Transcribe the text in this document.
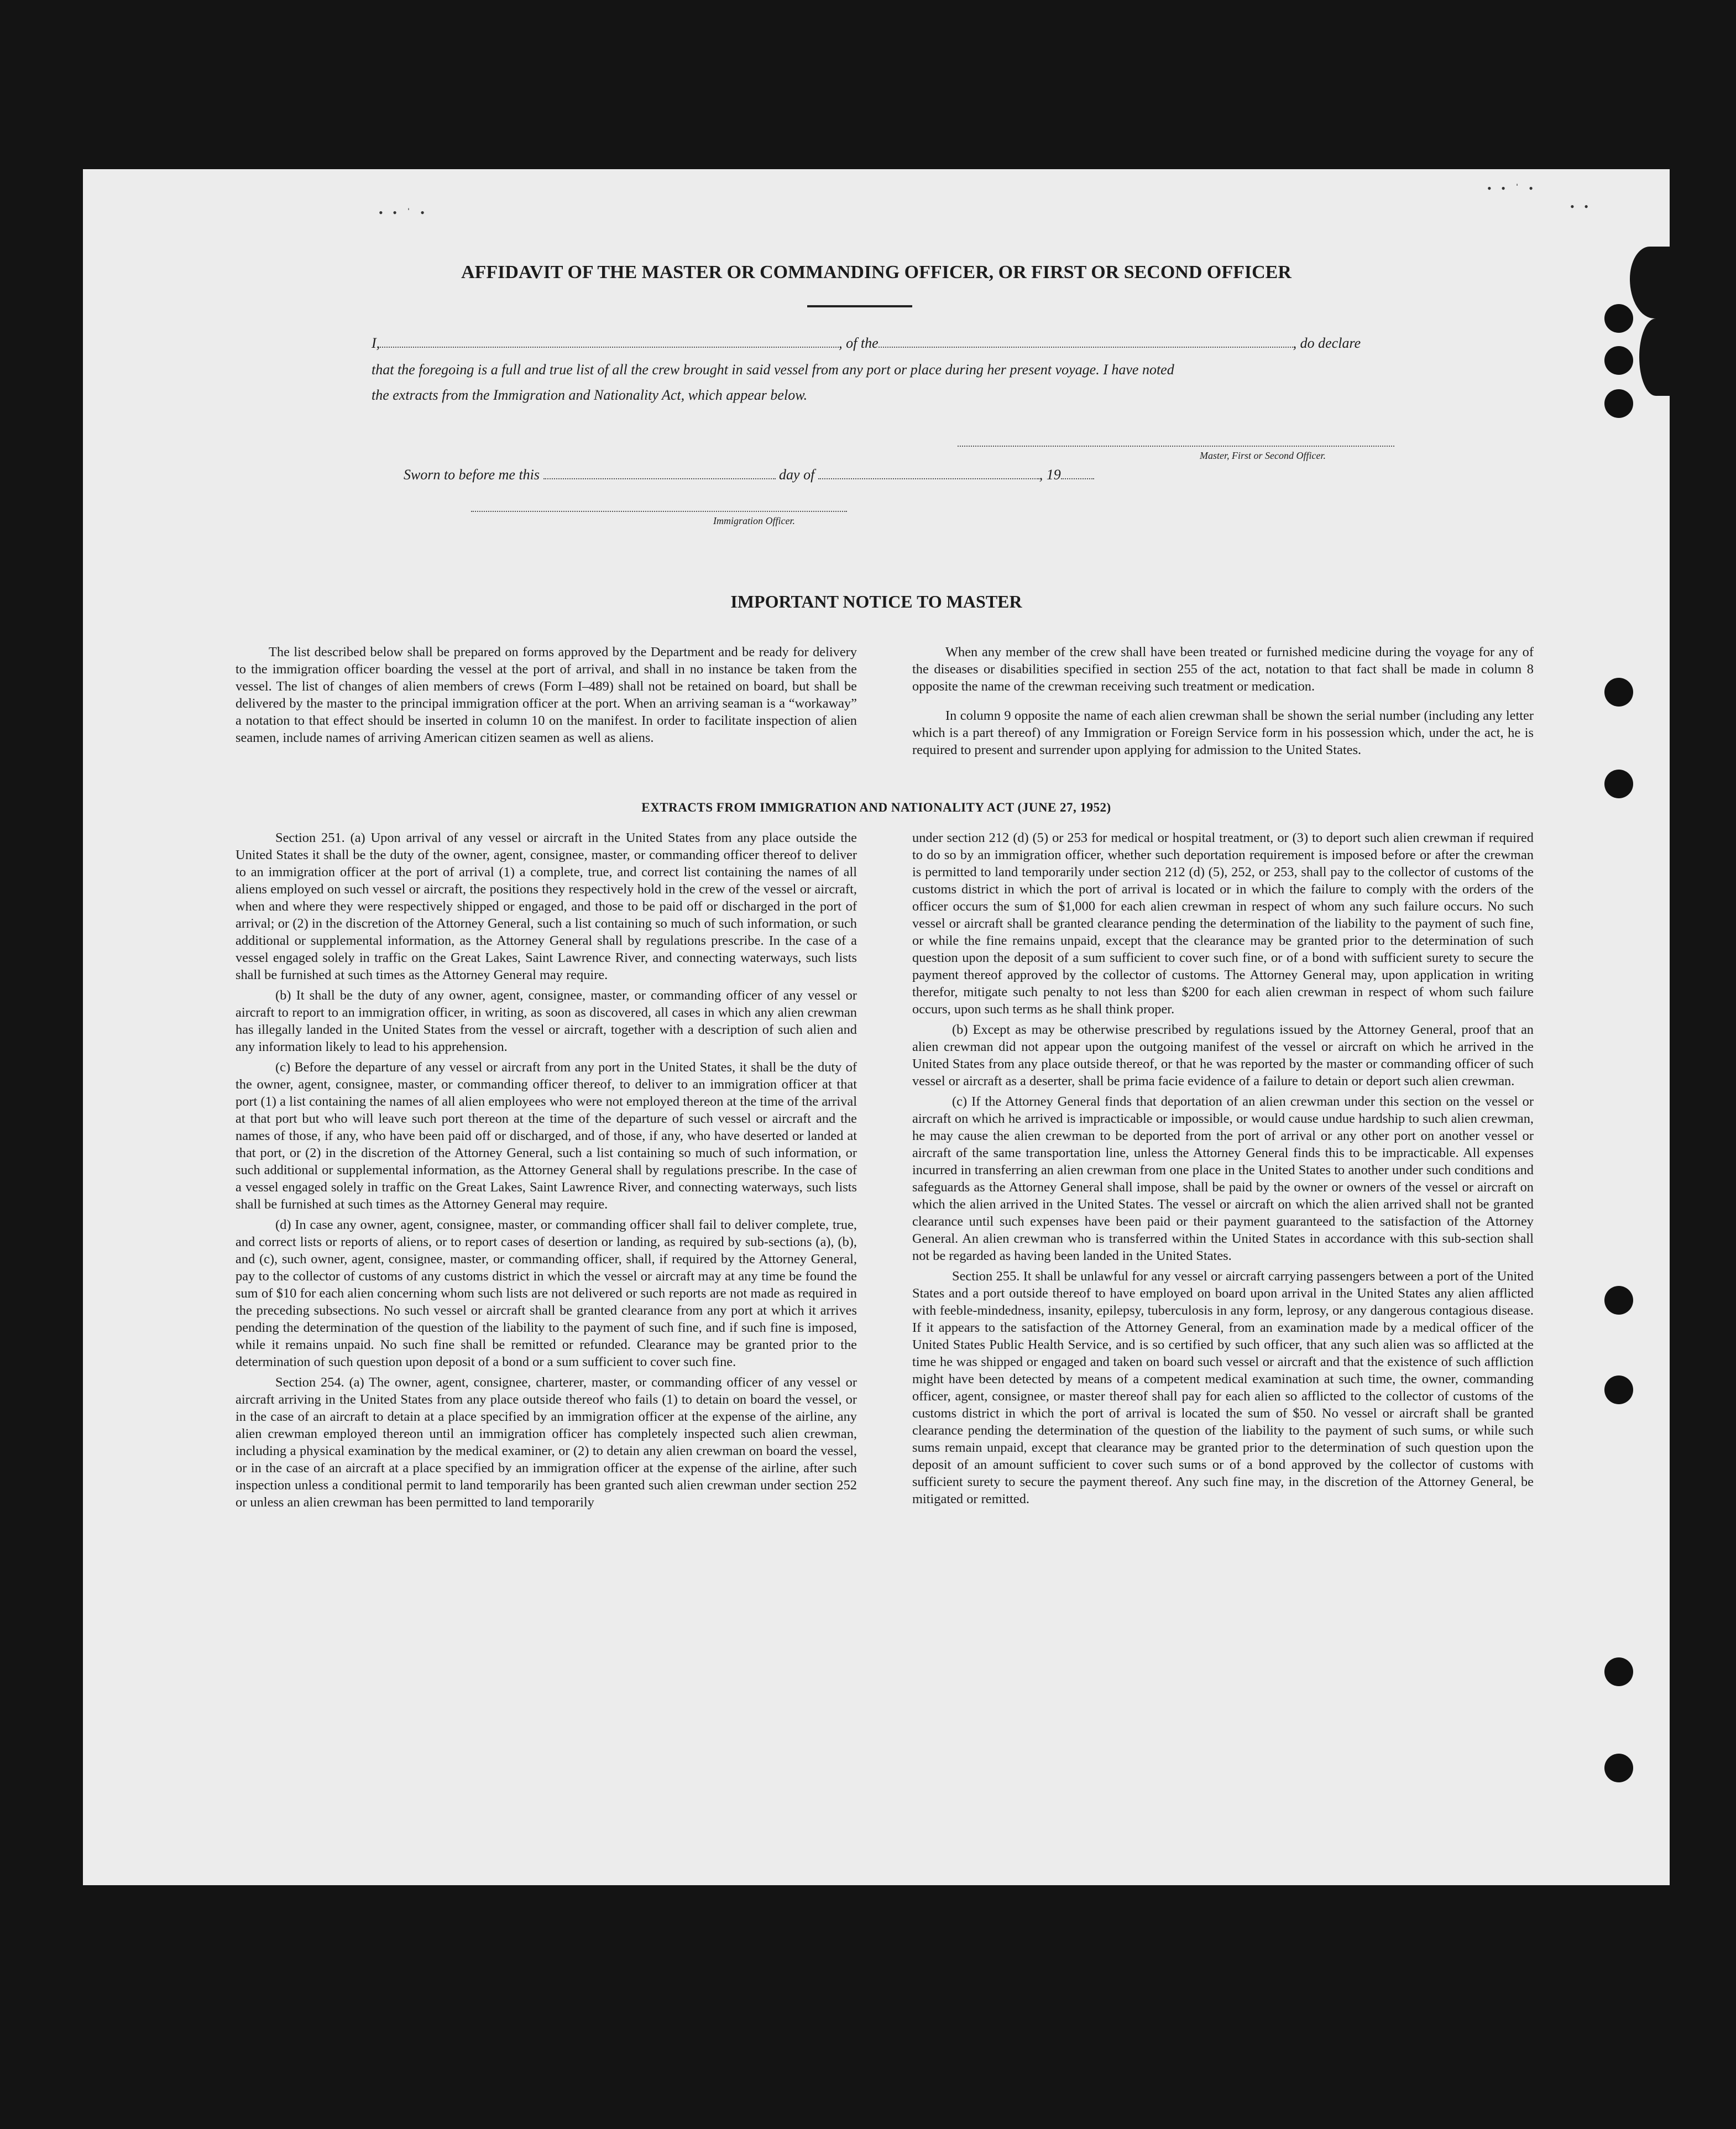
• • ˈ •
• • ˈ •
• •
AFFIDAVIT OF THE MASTER OR COMMANDING OFFICER, OR FIRST OR SECOND OFFICER
I,	, of the	, do declare
that the foregoing is a full and true list of all the crew brought in said vessel from any port or place during her present voyage. I have noted
the extracts from the Immigration and Nationality Act, which appear below.
Master, First or Second Officer.
Sworn to before me this	day of	, 19
Immigration Officer.
IMPORTANT NOTICE TO MASTER

The list described below shall be prepared on forms approved by the Department and be ready for delivery to the immigration officer boarding the vessel at the port of arrival, and shall in no instance be taken from the vessel. The list of changes of alien members of crews (Form I–489) shall not be retained on board, but shall be delivered by the master to the principal immigration officer at the port. When an arriving seaman is a “workaway” a notation to that effect should be inserted in column 10 on the manifest. In order to facilitate inspection of alien seamen, include names of arriving American citizen seamen as well as aliens.

When any member of the crew shall have been treated or furnished medicine during the voyage for any of the diseases or disabilities specified in section 255 of the act, notation to that fact shall be made in column 8 opposite the name of the crewman receiving such treatment or medication.

In column 9 opposite the name of each alien crewman shall be shown the serial number (including any letter which is a part thereof) of any Immigration or Foreign Service form in his possession which, under the act, he is required to present and surrender upon applying for admission to the United States.

EXTRACTS FROM IMMIGRATION AND NATIONALITY ACT (JUNE 27, 1952)

Section 251. (a) Upon arrival of any vessel or aircraft in the United States from any place outside the United States it shall be the duty of the owner, agent, consignee, master, or commanding officer thereof to deliver to an immigration officer at the port of arrival (1) a complete, true, and correct list containing the names of all aliens employed on such vessel or aircraft, the positions they respectively hold in the crew of the vessel or aircraft, when and where they were respectively shipped or engaged, and those to be paid off or discharged in the port of arrival; or (2) in the discretion of the Attorney General, such a list containing so much of such information, or such additional or supplemental information, as the Attorney General shall by regulations prescribe. In the case of a vessel engaged solely in traffic on the Great Lakes, Saint Lawrence River, and connecting waterways, such lists shall be furnished at such times as the Attorney General may require.

(b) It shall be the duty of any owner, agent, consignee, master, or commanding officer of any vessel or aircraft to report to an immigration officer, in writing, as soon as discovered, all cases in which any alien crewman has illegally landed in the United States from the vessel or aircraft, together with a description of such alien and any information likely to lead to his apprehension.

(c) Before the departure of any vessel or aircraft from any port in the United States, it shall be the duty of the owner, agent, consignee, master, or commanding officer thereof, to deliver to an immigration officer at that port (1) a list containing the names of all alien employees who were not employed thereon at the time of the arrival at that port but who will leave such port thereon at the time of the departure of such vessel or aircraft and the names of those, if any, who have been paid off or discharged, and of those, if any, who have deserted or landed at that port, or (2) in the discretion of the Attorney General, such a list containing so much of such information, or such additional or supplemental information, as the Attorney General shall by regulations prescribe. In the case of a vessel engaged solely in traffic on the Great Lakes, Saint Lawrence River, and connecting waterways, such lists shall be furnished at such times as the Attorney General may require.

(d) In case any owner, agent, consignee, master, or commanding officer shall fail to deliver complete, true, and correct lists or reports of aliens, or to report cases of desertion or landing, as required by sub-sections (a), (b), and (c), such owner, agent, consignee, master, or commanding officer, shall, if required by the Attorney General, pay to the collector of customs of any customs district in which the vessel or aircraft may at any time be found the sum of $10 for each alien concerning whom such lists are not delivered or such reports are not made as required in the preceding subsections. No such vessel or aircraft shall be granted clearance from any port at which it arrives pending the determination of the question of the liability to the payment of such fine, and if such fine is imposed, while it remains unpaid. No such fine shall be remitted or refunded. Clearance may be granted prior to the determination of such question upon deposit of a bond or a sum sufficient to cover such fine.

Section 254. (a) The owner, agent, consignee, charterer, master, or commanding officer of any vessel or aircraft arriving in the United States from any place outside thereof who fails (1) to detain on board the vessel, or in the case of an aircraft to detain at a place specified by an immigration officer at the expense of the airline, any alien crewman employed thereon until an immigration officer has completely inspected such alien crewman, including a physical examination by the medical examiner, or (2) to detain any alien crewman on board the vessel, or in the case of an aircraft at a place specified by an immigration officer at the expense of the airline, after such inspection unless a conditional permit to land temporarily has been granted such alien crewman under section 252 or unless an alien crewman has been permitted to land temporarily

under section 212 (d) (5) or 253 for medical or hospital treatment, or (3) to deport such alien crewman if required to do so by an immigration officer, whether such deportation requirement is imposed before or after the crewman is permitted to land temporarily under section 212 (d) (5), 252, or 253, shall pay to the collector of customs of the customs district in which the port of arrival is located or in which the failure to comply with the orders of the officer occurs the sum of $1,000 for each alien crewman in respect of whom any such failure occurs. No such vessel or aircraft shall be granted clearance pending the determination of the liability to the payment of such fine, or while the fine remains unpaid, except that the clearance may be granted prior to the determination of such question upon the deposit of a sum sufficient to cover such fine, or of a bond with sufficient surety to secure the payment thereof approved by the collector of customs. The Attorney General may, upon application in writing therefor, mitigate such penalty to not less than $200 for each alien crewman in respect of whom such failure occurs, upon such terms as he shall think proper.

(b) Except as may be otherwise prescribed by regulations issued by the Attorney General, proof that an alien crewman did not appear upon the outgoing manifest of the vessel or aircraft on which he arrived in the United States from any place outside thereof, or that he was reported by the master or commanding officer of such vessel or aircraft as a deserter, shall be prima facie evidence of a failure to detain or deport such alien crewman.

(c) If the Attorney General finds that deportation of an alien crewman under this section on the vessel or aircraft on which he arrived is impracticable or impossible, or would cause undue hardship to such alien crewman, he may cause the alien crewman to be deported from the port of arrival or any other port on another vessel or aircraft of the same transportation line, unless the Attorney General finds this to be impracticable. All expenses incurred in transferring an alien crewman from one place in the United States to another under such conditions and safeguards as the Attorney General shall impose, shall be paid by the owner or owners of the vessel or aircraft on which the alien arrived in the United States. The vessel or aircraft on which the alien arrived shall not be granted clearance until such expenses have been paid or their payment guaranteed to the satisfaction of the Attorney General. An alien crewman who is transferred within the United States in accordance with this sub-section shall not be regarded as having been landed in the United States.

Section 255. It shall be unlawful for any vessel or aircraft carrying passengers between a port of the United States and a port outside thereof to have employed on board upon arrival in the United States any alien afflicted with feeble-mindedness, insanity, epilepsy, tuberculosis in any form, leprosy, or any dangerous contagious disease. If it appears to the satisfaction of the Attorney General, from an examination made by a medical officer of the United States Public Health Service, and is so certified by such officer, that any such alien was so afflicted at the time he was shipped or engaged and taken on board such vessel or aircraft and that the existence of such affliction might have been detected by means of a competent medical examination at such time, the owner, commanding officer, agent, consignee, or master thereof shall pay for each alien so afflicted to the collector of customs of the customs district in which the port of arrival is located the sum of $50. No vessel or aircraft shall be granted clearance pending the determination of the question of the liability to the payment of such sums, or while such sums remain unpaid, except that clearance may be granted prior to the determination of such question upon the deposit of an amount sufficient to cover such sums or of a bond approved by the collector of customs with sufficient surety to secure the payment thereof. Any such fine may, in the discretion of the Attorney General, be mitigated or remitted.
